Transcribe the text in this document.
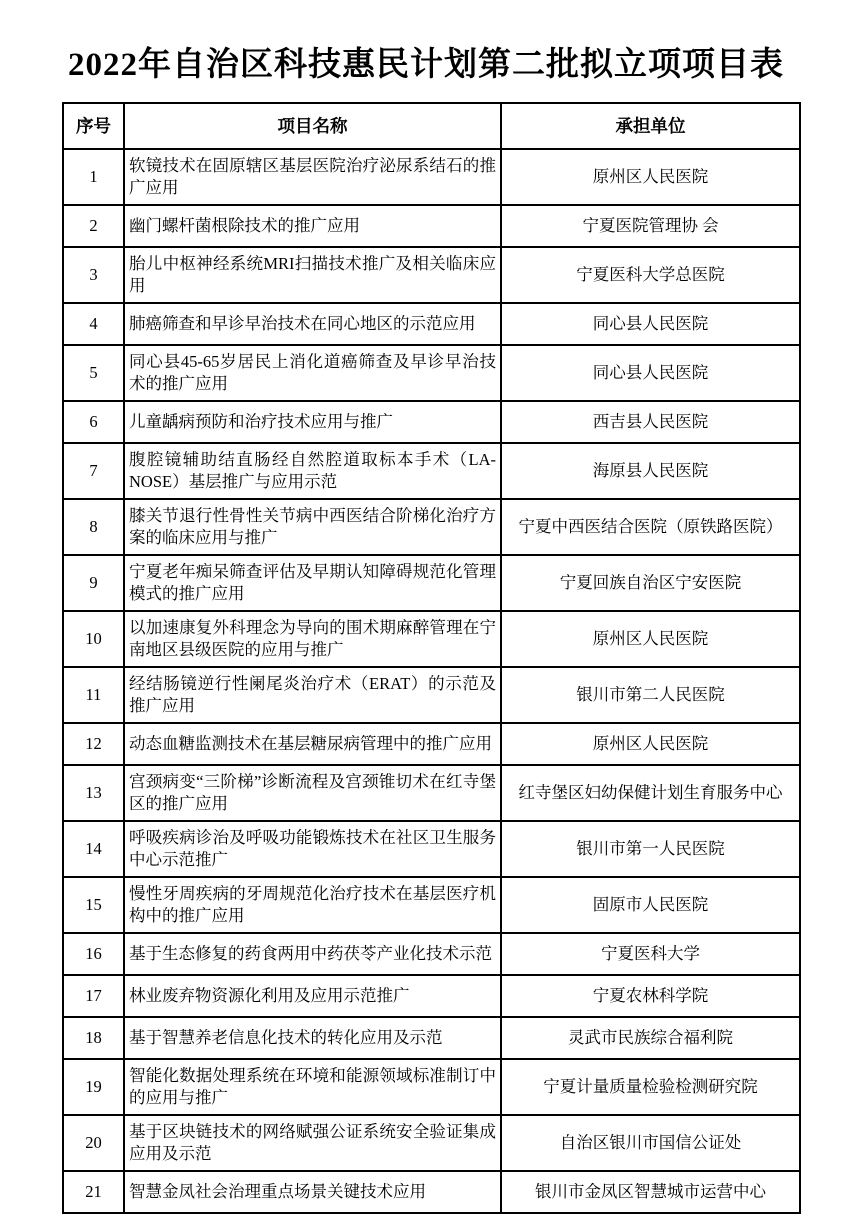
2022年自治区科技惠民计划第二批拟立项项目表
序号	项目名称	承担单位
1	软镜技术在固原辖区基层医院治疗泌尿系结石的推广应用	原州区人民医院
2	幽门螺杆菌根除技术的推广应用	宁夏医院管理协 会
3	胎儿中枢神经系统MRI扫描技术推广及相关临床应用	宁夏医科大学总医院
4	肺癌筛查和早诊早治技术在同心地区的示范应用	同心县人民医院
5	同心县45-65岁居民上消化道癌筛查及早诊早治技术的推广应用	同心县人民医院
6	儿童龋病预防和治疗技术应用与推广	西吉县人民医院
7	腹腔镜辅助结直肠经自然腔道取标本手术（LA-NOSE）基层推广与应用示范	海原县人民医院
8	膝关节退行性骨性关节病中西医结合阶梯化治疗方案的临床应用与推广	宁夏中西医结合医院（原铁路医院）
9	宁夏老年痴呆筛查评估及早期认知障碍规范化管理模式的推广应用	宁夏回族自治区宁安医院
10	以加速康复外科理念为导向的围术期麻醉管理在宁南地区县级医院的应用与推广	原州区人民医院
11	经结肠镜逆行性阑尾炎治疗术（ERAT）的示范及推广应用	银川市第二人民医院
12	动态血糖监测技术在基层糖尿病管理中的推广应用	原州区人民医院
13	宫颈病变“三阶梯”诊断流程及宫颈锥切术在红寺堡区的推广应用	红寺堡区妇幼保健计划生育服务中心
14	呼吸疾病诊治及呼吸功能锻炼技术在社区卫生服务中心示范推广	银川市第一人民医院
15	慢性牙周疾病的牙周规范化治疗技术在基层医疗机构中的推广应用	固原市人民医院
16	基于生态修复的药食两用中药茯苓产业化技术示范	宁夏医科大学
17	林业废弃物资源化利用及应用示范推广	宁夏农林科学院
18	基于智慧养老信息化技术的转化应用及示范	灵武市民族综合福利院
19	智能化数据处理系统在环境和能源领域标准制订中的应用与推广	宁夏计量质量检验检测研究院
20	基于区块链技术的网络赋强公证系统安全验证集成应用及示范	自治区银川市国信公证处
21	智慧金凤社会治理重点场景关键技术应用	银川市金凤区智慧城市运营中心
